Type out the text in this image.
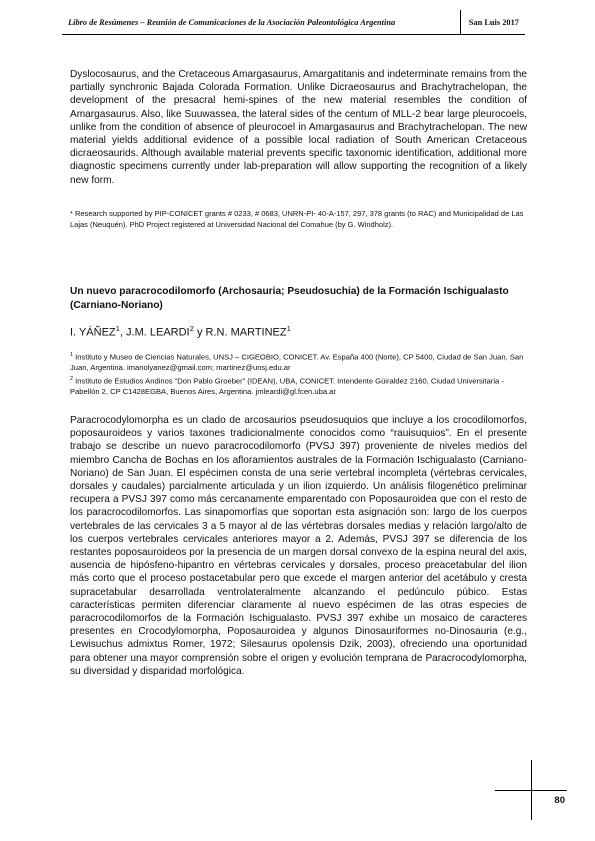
Libro de Resúmenes – Reunión de Comunicaciones de la Asociación Paleontológica Argentina	San Luis 2017

Dyslocosaurus, and the Cretaceous Amargasaurus, Amargatitanis and indeterminate remains from the partially synchronic Bajada Colorada Formation. Unlike Dicraeosaurus and Brachytrachelopan, the development of the presacral hemi-spines of the new material resembles the condition of Amargasaurus. Also, like Suuwassea, the lateral sides of the centum of MLL-2 bear large pleurocoels, unlike from the condition of absence of pleurocoel in Amargasaurus and Brachytrachelopan. The new material yields additional evidence of a possible local radiation of South American Cretaceous dicraeosaurids. Although available material prevents specific taxonomic identification, additional more diagnostic specimens currently under lab-preparation will allow supporting the recognition of a likely new form.

* Research supported by PIP-CONICET grants # 0233, # 0683, UNRN-PI- 40-A-157, 297, 378 grants (to RAC) and Municipalidad de Las Lajas (Neuquén). PhD Project registered at Universidad Nacional del Comahue (by G. Windholz).

Un nuevo paracrocodilomorfo (Archosauria; Pseudosuchia) de la Formación Ischigualasto (Carniano-Noriano)

I. YÁÑEZ$^1$, J.M. LEARDI$^2$ y R.N. MARTINEZ$^1$

$^1$ Instituto y Museo de Ciencias Naturales, UNSJ – CIGEOBIO, CONICET. Av. España 400 (Norte), CP 5400, Ciudad de San Juan, San Juan, Argentina. imanolyanez@gmail.com; martinez@unsj.edu.ar

$^2$ Instituto de Estudios Andinos “Don Pablo Groeber” (IDEAN), UBA, CONICET. Intendente Güiraldez 2160, Ciudad Universitaria - Pabellón 2, CP C1428EGBA, Buenos Aires, Argentina. jmleardi@gl.fcen.uba.ar

Paracrocodylomorpha es un clado de arcosaurios pseudosuquios que incluye a los crocodilomorfos, poposauroideos y varios taxones tradicionalmente conocidos como “rauisuquios”. En el presente trabajo se describe un nuevo paracrocodilomorfo (PVSJ 397) proveniente de niveles medios del miembro Cancha de Bochas en los afloramientos australes de la Formación Ischigualasto (Carniano-Noriano) de San Juan. El espécimen consta de una serie vertebral incompleta (vértebras cervicales, dorsales y caudales) parcialmente articulada y un ilion izquierdo. Un análisis filogenético preliminar recupera a PVSJ 397 como más cercanamente emparentado con Poposauroidea que con el resto de los paracrocodilomorfos. Las sinapomorfías que soportan esta asignación son: largo de los cuerpos vertebrales de las cervicales 3 a 5 mayor al de las vértebras dorsales medias y relación largo/alto de los cuerpos vertebrales cervicales anteriores mayor a 2. Además, PVSJ 397 se diferencia de los restantes poposauroideos por la presencia de un margen dorsal convexo de la espina neural del axis, ausencia de hipósfeno-hipantro en vértebras cervicales y dorsales, proceso preacetabular del ilion más corto que el proceso postacetabular pero que excede el margen anterior del acetábulo y cresta supracetabular desarrollada ventrolateralmente alcanzando el pedúnculo púbico. Estas características permiten diferenciar claramente al nuevo espécimen de las otras especies de paracrocodilomorfos de la Formación Ischigualasto. PVSJ 397 exhibe un mosaico de caracteres presentes en Crocodylomorpha, Poposauroidea y algunos Dinosauriformes no-Dinosauria (e.g., Lewisuchus admixtus Romer, 1972; Silesaurus opolensis Dzik, 2003), ofreciendo una oportunidad para obtener una mayor comprensión sobre el origen y evolución temprana de Paracrocodylomorpha, su diversidad y disparidad morfológica.

80
